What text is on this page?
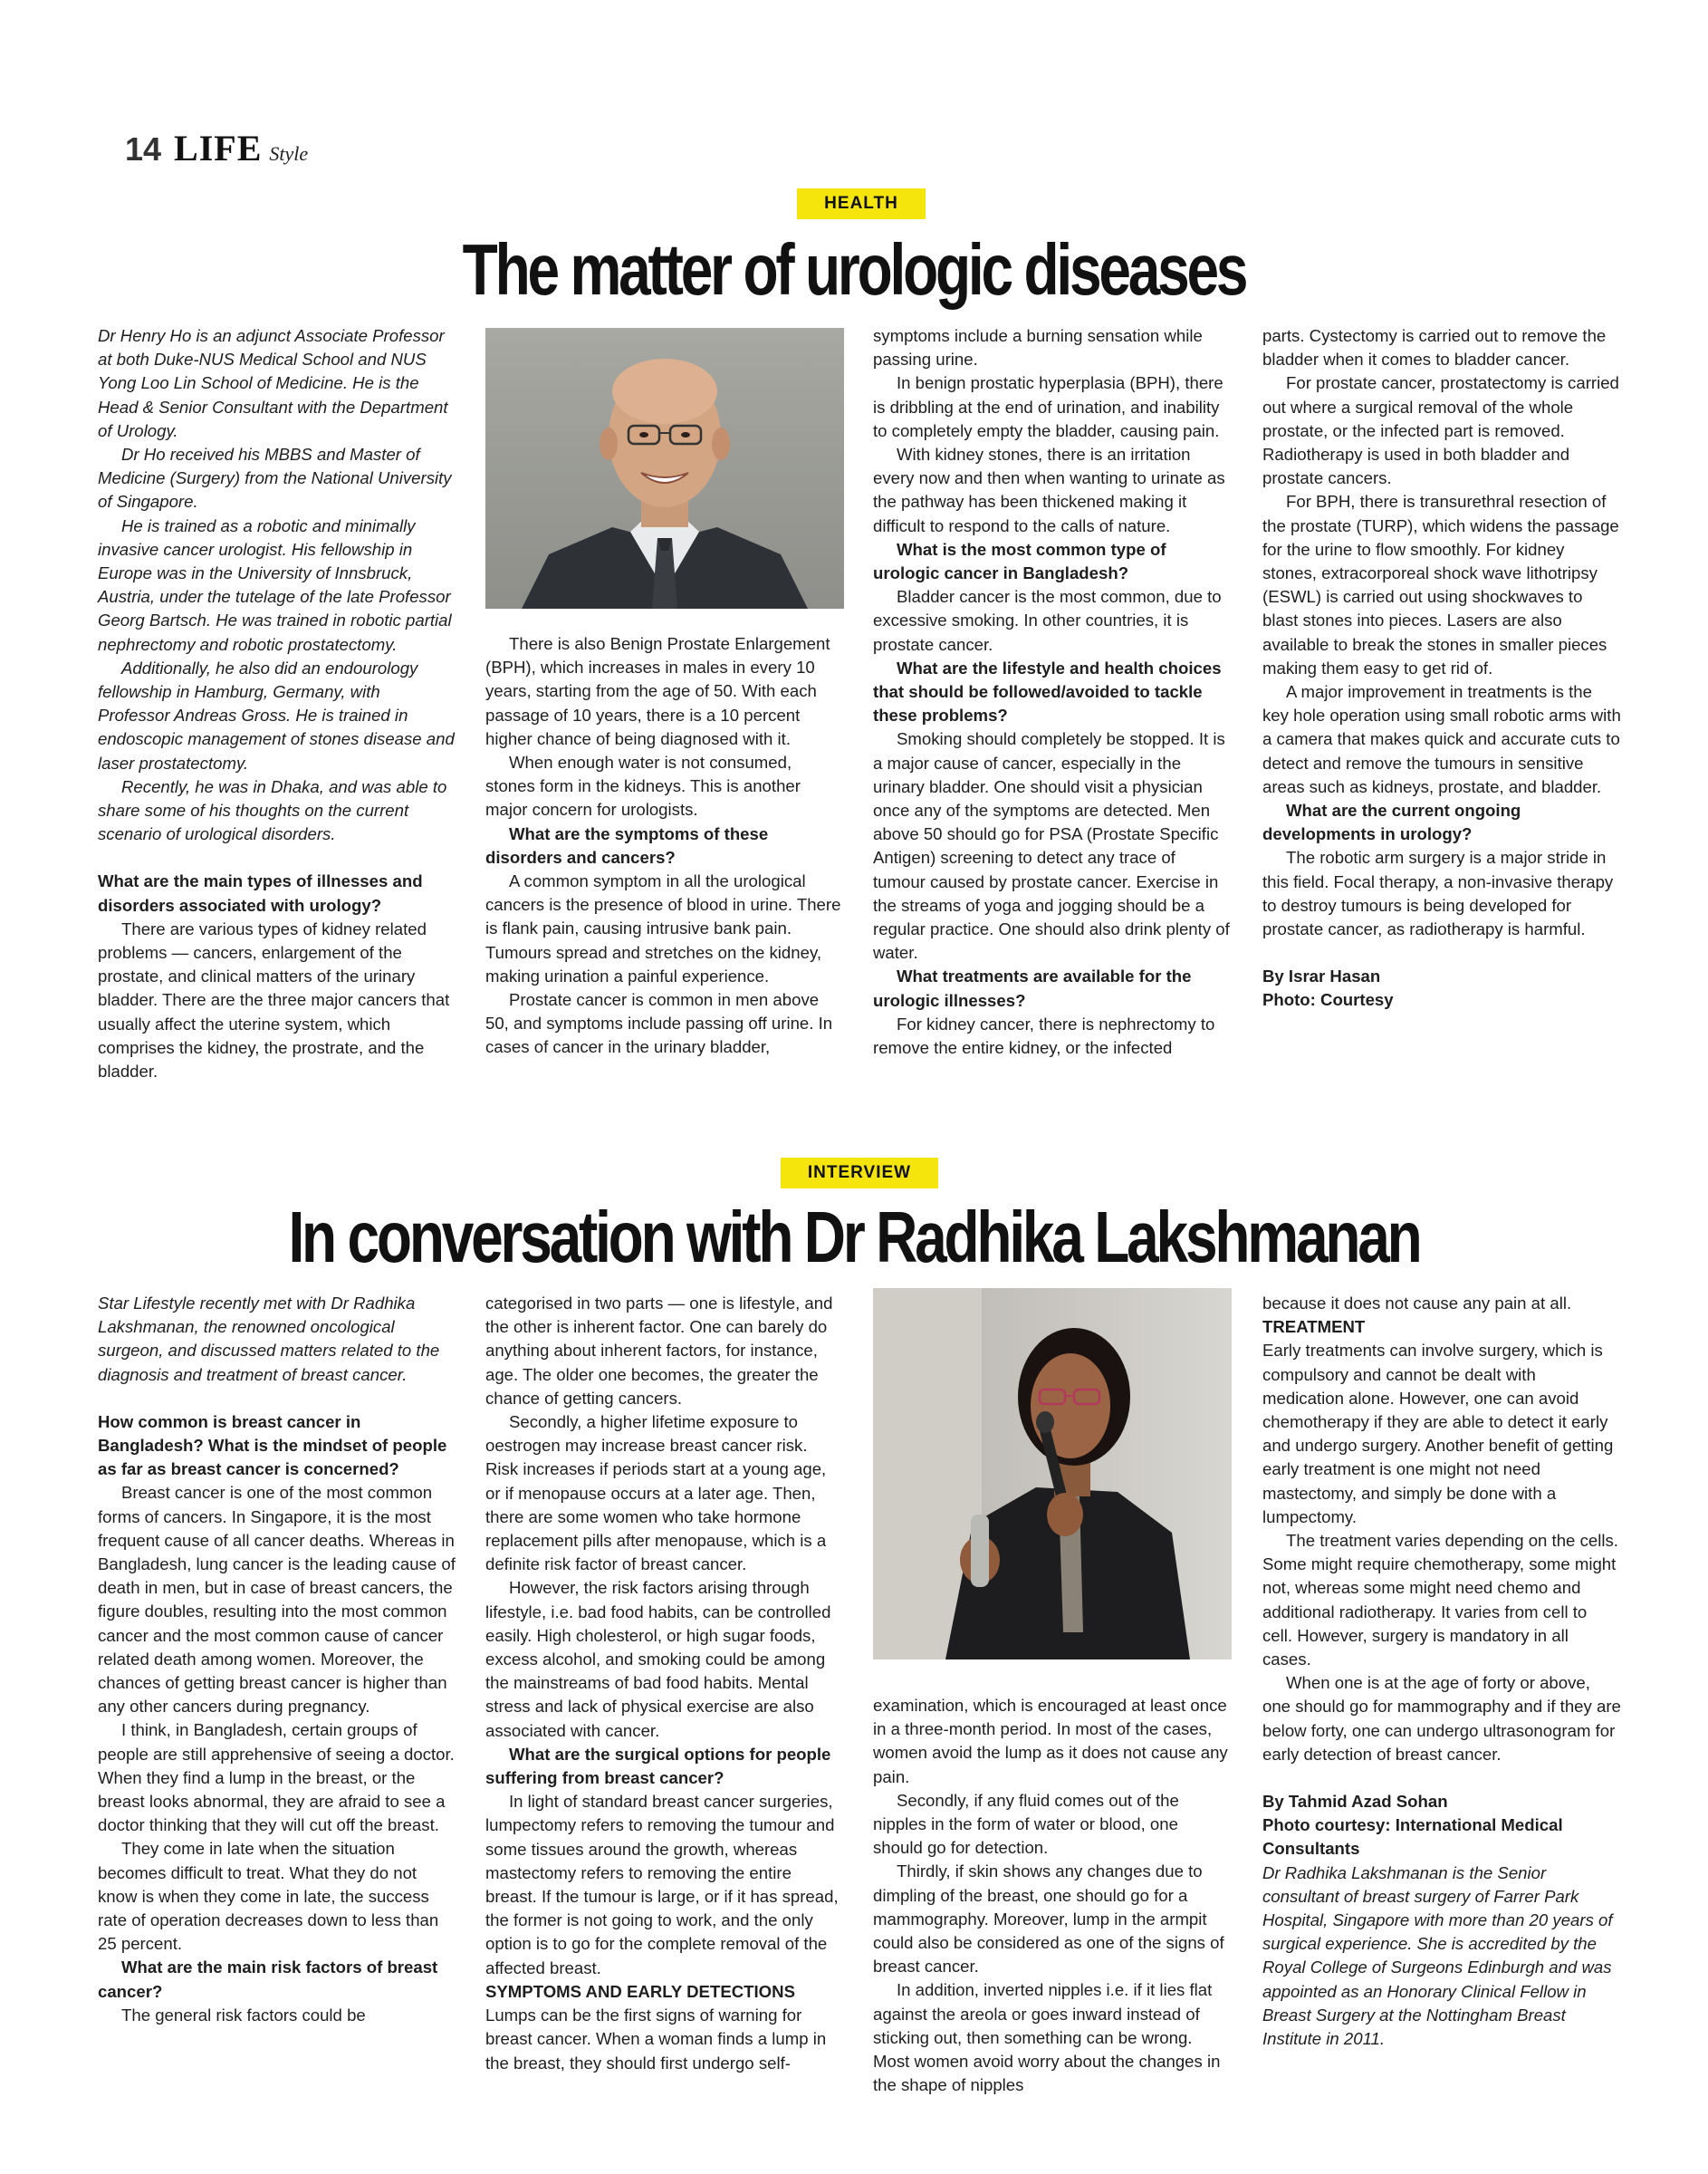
14 LIFE Style
HEALTH
The matter of urologic diseases

Dr Henry Ho is an adjunct Associate Professor at both Duke-NUS Medical School and NUS Yong Loo Lin School of Medicine. He is the Head & Senior Consultant with the Department of Urology.

Dr Ho received his MBBS and Master of Medicine (Surgery) from the National University of Singapore.

He is trained as a robotic and minimally invasive cancer urologist. His fellowship in Europe was in the University of Innsbruck, Austria, under the tutelage of the late Professor Georg Bartsch. He was trained in robotic partial nephrectomy and robotic prostatectomy.

Additionally, he also did an endourology fellowship in Hamburg, Germany, with Professor Andreas Gross. He is trained in endoscopic management of stones disease and laser prostatectomy.

Recently, he was in Dhaka, and was able to share some of his thoughts on the current scenario of urological disorders.

What are the main types of illnesses and disorders associated with urology?

There are various types of kidney related problems — cancers, enlargement of the prostate, and clinical matters of the urinary bladder. There are the three major cancers that usually affect the uterine system, which comprises the kidney, the prostrate, and the bladder.

There is also Benign Prostate Enlargement (BPH), which increases in males in every 10 years, starting from the age of 50. With each passage of 10 years, there is a 10 percent higher chance of being diagnosed with it.

When enough water is not consumed, stones form in the kidneys. This is another major concern for urologists.

What are the symptoms of these disorders and cancers?

A common symptom in all the urological cancers is the presence of blood in urine. There is flank pain, causing intrusive bank pain. Tumours spread and stretches on the kidney, making urination a painful experience.

Prostate cancer is common in men above 50, and symptoms include passing off urine. In cases of cancer in the urinary bladder,

symptoms include a burning sensation while passing urine.

In benign prostatic hyperplasia (BPH), there is dribbling at the end of urination, and inability to completely empty the bladder, causing pain.

With kidney stones, there is an irritation every now and then when wanting to urinate as the pathway has been thickened making it difficult to respond to the calls of nature.

What is the most common type of urologic cancer in Bangladesh?

Bladder cancer is the most common, due to excessive smoking. In other countries, it is prostate cancer.

What are the lifestyle and health choices that should be followed/avoided to tackle these problems?

Smoking should completely be stopped. It is a major cause of cancer, especially in the urinary bladder. One should visit a physician once any of the symptoms are detected. Men above 50 should go for PSA (Prostate Specific Antigen) screening to detect any trace of tumour caused by prostate cancer. Exercise in the streams of yoga and jogging should be a regular practice. One should also drink plenty of water.

What treatments are available for the urologic illnesses?

For kidney cancer, there is nephrectomy to remove the entire kidney, or the infected

parts. Cystectomy is carried out to remove the bladder when it comes to bladder cancer.

For prostate cancer, prostatectomy is carried out where a surgical removal of the whole prostate, or the infected part is removed. Radiotherapy is used in both bladder and prostate cancers.

For BPH, there is transurethral resection of the prostate (TURP), which widens the passage for the urine to flow smoothly. For kidney stones, extracorporeal shock wave lithotripsy (ESWL) is carried out using shockwaves to blast stones into pieces. Lasers are also available to break the stones in smaller pieces making them easy to get rid of.

A major improvement in treatments is the key hole operation using small robotic arms with a camera that makes quick and accurate cuts to detect and remove the tumours in sensitive areas such as kidneys, prostate, and bladder.

What are the current ongoing developments in urology?

The robotic arm surgery is a major stride in this field. Focal therapy, a non-invasive therapy to destroy tumours is being developed for prostate cancer, as radiotherapy is harmful.

By Israr Hasan

Photo: Courtesy

INTERVIEW
In conversation with Dr Radhika Lakshmanan

Star Lifestyle recently met with Dr Radhika Lakshmanan, the renowned oncological surgeon, and discussed matters related to the diagnosis and treatment of breast cancer.

How common is breast cancer in Bangladesh? What is the mindset of people as far as breast cancer is concerned?

Breast cancer is one of the most common forms of cancers. In Singapore, it is the most frequent cause of all cancer deaths. Whereas in Bangladesh, lung cancer is the leading cause of death in men, but in case of breast cancers, the figure doubles, resulting into the most common cancer and the most common cause of cancer related death among women. Moreover, the chances of getting breast cancer is higher than any other cancers during pregnancy.

I think, in Bangladesh, certain groups of people are still apprehensive of seeing a doctor. When they find a lump in the breast, or the breast looks abnormal, they are afraid to see a doctor thinking that they will cut off the breast.

They come in late when the situation becomes difficult to treat. What they do not know is when they come in late, the success rate of operation decreases down to less than 25 percent.

What are the main risk factors of breast cancer?

The general risk factors could be

categorised in two parts — one is lifestyle, and the other is inherent factor. One can barely do anything about inherent factors, for instance, age. The older one becomes, the greater the chance of getting cancers.

Secondly, a higher lifetime exposure to oestrogen may increase breast cancer risk. Risk increases if periods start at a young age, or if menopause occurs at a later age. Then, there are some women who take hormone replacement pills after menopause, which is a definite risk factor of breast cancer.

However, the risk factors arising through lifestyle, i.e. bad food habits, can be controlled easily. High cholesterol, or high sugar foods, excess alcohol, and smoking could be among the mainstreams of bad food habits. Mental stress and lack of physical exercise are also associated with cancer.

What are the surgical options for people suffering from breast cancer?

In light of standard breast cancer surgeries, lumpectomy refers to removing the tumour and some tissues around the growth, whereas mastectomy refers to removing the entire breast. If the tumour is large, or if it has spread, the former is not going to work, and the only option is to go for the complete removal of the affected breast.

SYMPTOMS AND EARLY DETECTIONS

Lumps can be the first signs of warning for breast cancer. When a woman finds a lump in the breast, they should first undergo self-

examination, which is encouraged at least once in a three-month period. In most of the cases, women avoid the lump as it does not cause any pain.

Secondly, if any fluid comes out of the nipples in the form of water or blood, one should go for detection.

Thirdly, if skin shows any changes due to dimpling of the breast, one should go for a mammography. Moreover, lump in the armpit could also be considered as one of the signs of breast cancer.

In addition, inverted nipples i.e. if it lies flat against the areola or goes inward instead of sticking out, then something can be wrong. Most women avoid worry about the changes in the shape of nipples

because it does not cause any pain at all.

TREATMENT

Early treatments can involve surgery, which is compulsory and cannot be dealt with medication alone. However, one can avoid chemotherapy if they are able to detect it early and undergo surgery. Another benefit of getting early treatment is one might not need mastectomy, and simply be done with a lumpectomy.

The treatment varies depending on the cells. Some might require chemotherapy, some might not, whereas some might need chemo and additional radiotherapy. It varies from cell to cell. However, surgery is mandatory in all cases.

When one is at the age of forty or above, one should go for mammography and if they are below forty, one can undergo ultrasonogram for early detection of breast cancer.

By Tahmid Azad Sohan

Photo courtesy: International Medical Consultants

Dr Radhika Lakshmanan is the Senior consultant of breast surgery of Farrer Park Hospital, Singapore with more than 20 years of surgical experience. She is accredited by the Royal College of Surgeons Edinburgh and was appointed as an Honorary Clinical Fellow in Breast Surgery at the Nottingham Breast Institute in 2011.
